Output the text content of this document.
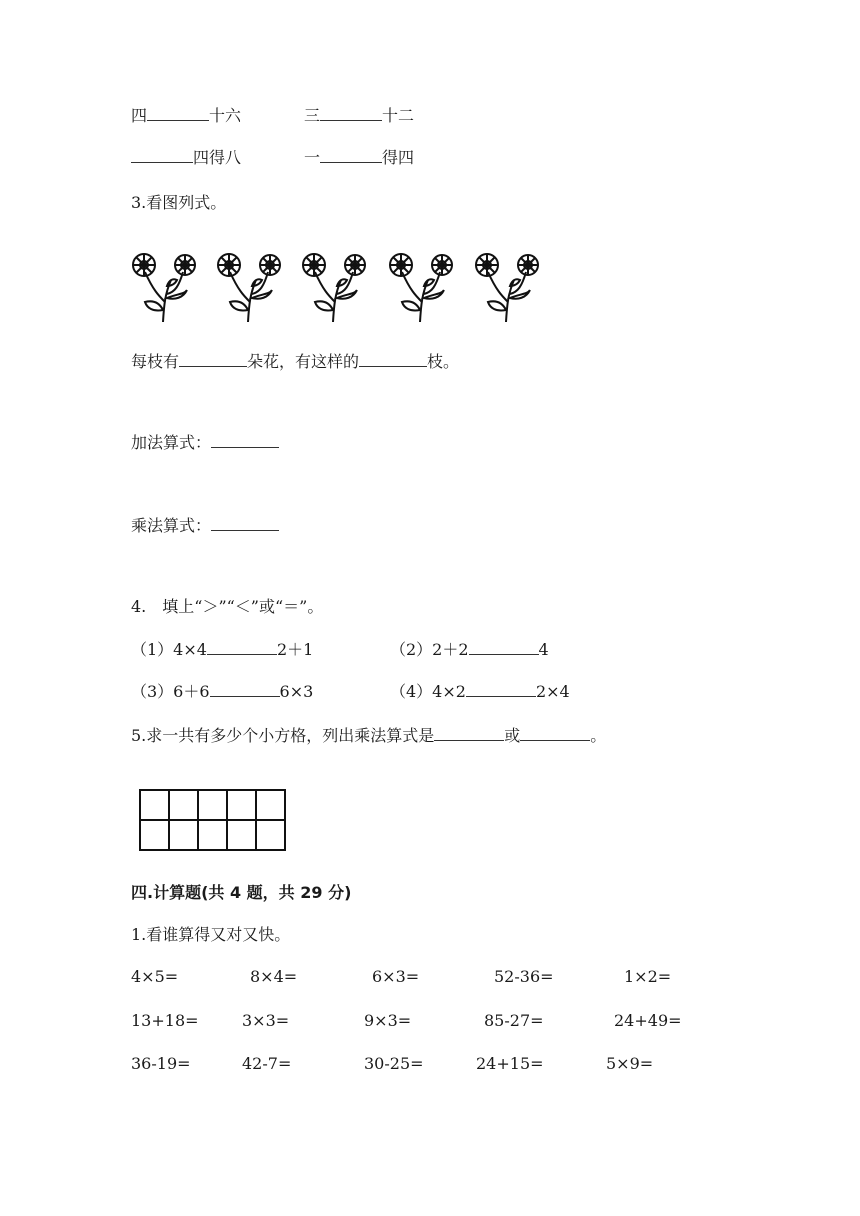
四	十六	三	十二
四得八	一	得四
3.看图列式。
每枝有	朵花，有这样的	枝。
加法算式：
乘法算式：
4.　填上“＞”“＜”或“＝”。
（1）4×4	2＋1	（2）2＋2	4
（3）6＋6	6×3	（4）4×2	2×4
5.求一共有多少个小方格，列出乘法算式是	或	。
四.计算题(共 4 题，共 29 分)
1.看谁算得又对又快。
4×5=	8×4=	6×3=	52-36=	1×2=
13+18=	3×3=	9×3=	85-27=	24+49=
36-19=	42-7=	30-25=	24+15=	5×9=
